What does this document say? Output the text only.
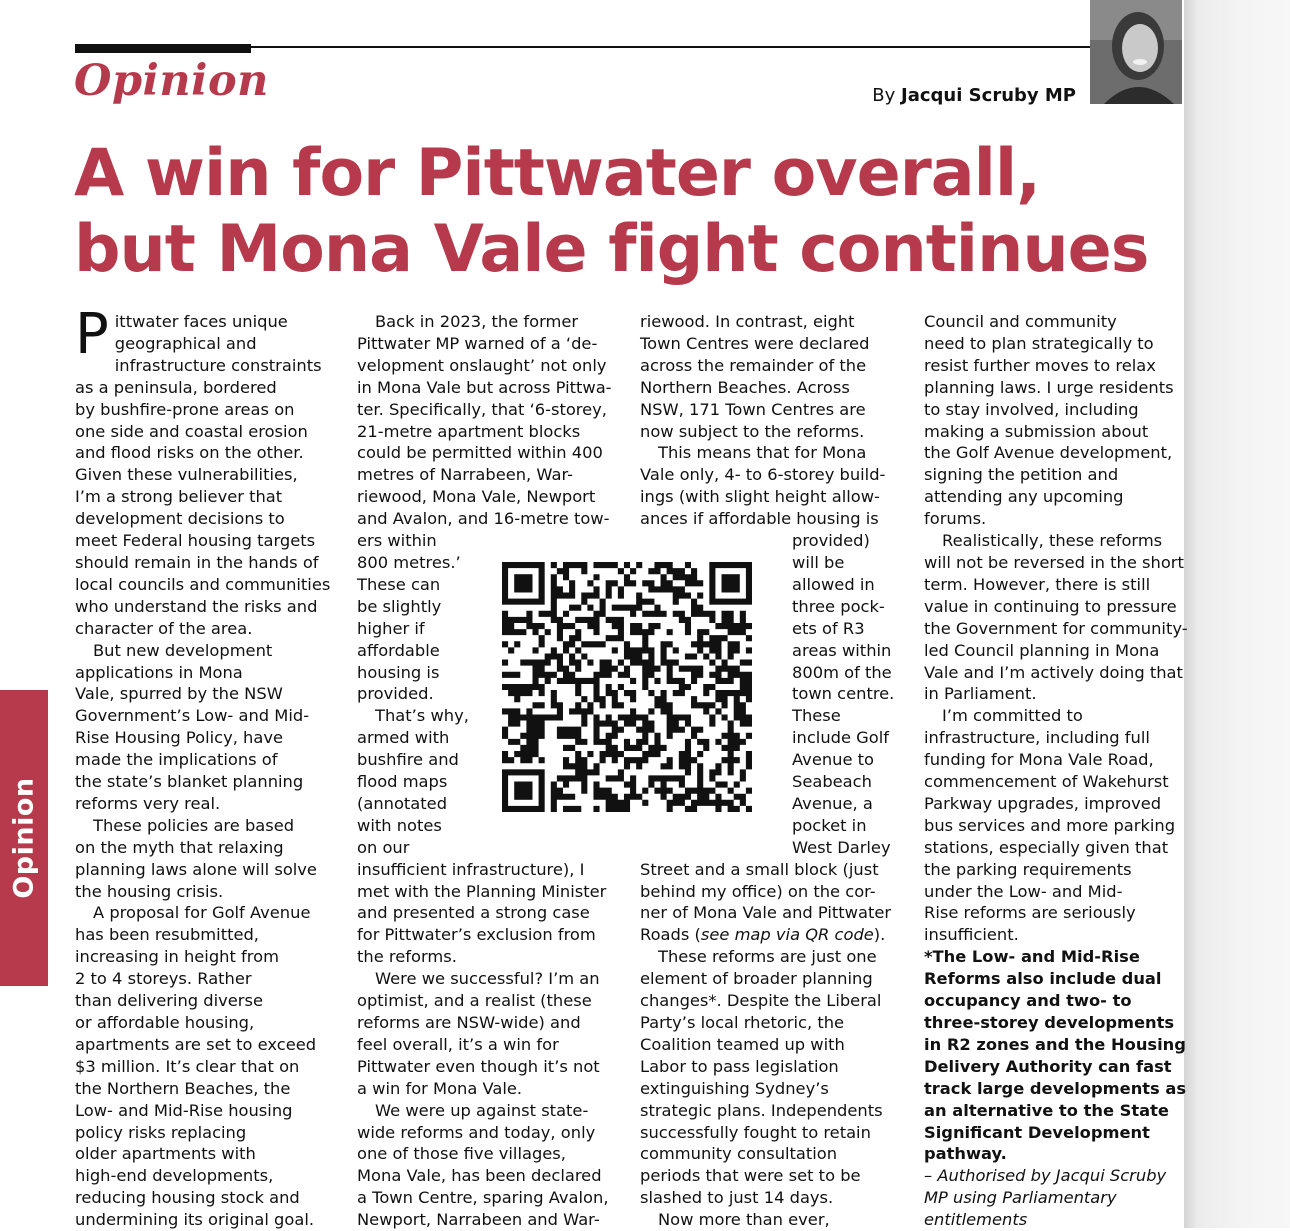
Opinion	By Jacqui Scruby MP
A win for Pittwater overall,
but Mona Vale fight continues
P ittwater faces unique
geographical and
infrastructure constraints
as a peninsula, bordered
by bushfire-prone areas on
one side and coastal erosion
and flood risks on the other.
Given these vulnerabilities,
I’m a strong believer that
development decisions to
meet Federal housing targets
should remain in the hands of
local councils and communities
who understand the risks and
character of the area.
But new development
applications in Mona
Vale, spurred by the NSW
Government’s Low- and Mid-
Rise Housing Policy, have
made the implications of
the state’s blanket planning
reforms very real.
These policies are based
on the myth that relaxing
planning laws alone will solve
the housing crisis.
A proposal for Golf Avenue
has been resubmitted,
increasing in height from
2 to 4 storeys. Rather
than delivering diverse
or affordable housing,
apartments are set to exceed
$3 million. It’s clear that on
the Northern Beaches, the
Low- and Mid-Rise housing
policy risks replacing
older apartments with
high-end developments,
reducing housing stock and
undermining its original goal.
Back in 2023, the former
Pittwater MP warned of a ‘de-
velopment onslaught’ not only
in Mona Vale but across Pittwa-
ter. Specifically, that ‘6-storey,
21-metre apartment blocks
could be permitted within 400
metres of Narrabeen, War-
riewood, Mona Vale, Newport
and Avalon, and 16-metre tow-
ers within
800 metres.’
These can
be slightly
higher if
affordable
housing is
provided.
That’s why,
armed with
bushfire and
flood maps
(annotated
with notes
on our
insufficient infrastructure), I
met with the Planning Minister
and presented a strong case
for Pittwater’s exclusion from
the reforms.
Were we successful? I’m an
optimist, and a realist (these
reforms are NSW-wide) and
feel overall, it’s a win for
Pittwater even though it’s not
a win for Mona Vale.
We were up against state-
wide reforms and today, only
one of those five villages,
Mona Vale, has been declared
a Town Centre, sparing Avalon,
Newport, Narrabeen and War-
riewood. In contrast, eight
Town Centres were declared
across the remainder of the
Northern Beaches. Across
NSW, 171 Town Centres are
now subject to the reforms.
This means that for Mona
Vale only, 4- to 6-storey build-
ings (with slight height allow-
ances if affordable housing is
provided)
will be
allowed in
three pock-
ets of R3
areas within
800m of the
town centre.
These
include Golf
Avenue to
Seabeach
Avenue, a
pocket in
West Darley
Street and a small block (just
behind my office) on the cor-
ner of Mona Vale and Pittwater
Roads (see map via QR code).
These reforms are just one
element of broader planning
changes*. Despite the Liberal
Party’s local rhetoric, the
Coalition teamed up with
Labor to pass legislation
extinguishing Sydney’s
strategic plans. Independents
successfully fought to retain
community consultation
periods that were set to be
slashed to just 14 days.
Now more than ever,
Council and community
need to plan strategically to
resist further moves to relax
planning laws. I urge residents
to stay involved, including
making a submission about
the Golf Avenue development,
signing the petition and
attending any upcoming
forums.
Realistically, these reforms
will not be reversed in the short
term. However, there is still
value in continuing to pressure
the Government for community-
led Council planning in Mona
Vale and I’m actively doing that
in Parliament.
I’m committed to
infrastructure, including full
funding for Mona Vale Road,
commencement of Wakehurst
Parkway upgrades, improved
bus services and more parking
stations, especially given that
the parking requirements
under the Low- and Mid-
Rise reforms are seriously
insufficient.
*The Low- and Mid-Rise
Reforms also include dual
occupancy and two- to
three-storey developments
in R2 zones and the Housing
Delivery Authority can fast
track large developments as
an alternative to the State
Significant Development
pathway.
– Authorised by Jacqui Scruby
MP using Parliamentary
entitlements
Opinion
